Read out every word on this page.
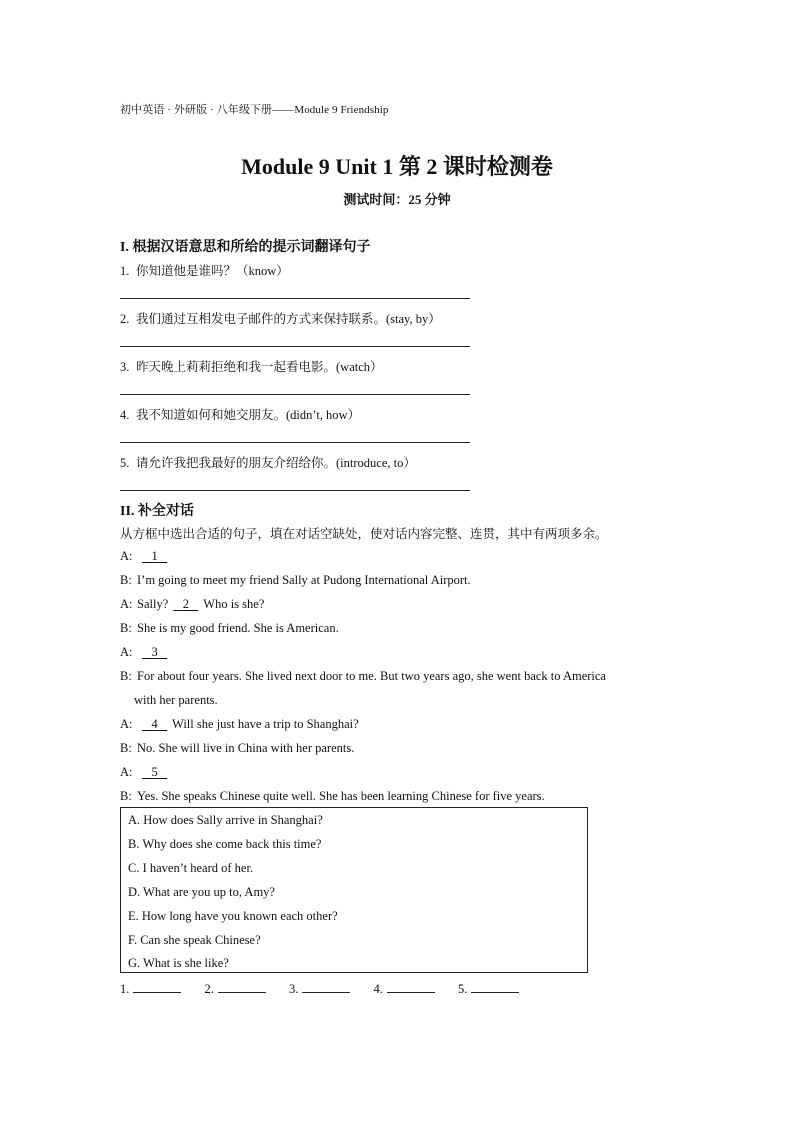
初中英语 · 外研版 · 八年级下册——Module 9 Friendship
Module 9 Unit 1 第 2 课时检测卷
测试时间：25 分钟
I. 根据汉语意思和所给的提示词翻译句子
1. 你知道他是谁吗？（know）
2. 我们通过互相发电子邮件的方式来保持联系。(stay, by）
3. 昨天晚上莉莉拒绝和我一起看电影。(watch）
4. 我不知道如何和她交朋友。(didn’t, how）
5. 请允许我把我最好的朋友介绍给你。(introduce, to）
II. 补全对话
从方框中选出合适的句子，填在对话空缺处，使对话内容完整、连贯，其中有两项多余。
A: 1
B: I’m going to meet my friend Sally at Pudong International Airport.
A: Sally? 2 Who is she?
B: She is my good friend. She is American.
A: 3
B: For about four years. She lived next door to me. But two years ago, she went back to America
with her parents.
A: 4 Will she just have a trip to Shanghai?
B: No. She will live in China with her parents.
A: 5
B: Yes. She speaks Chinese quite well. She has been learning Chinese for five years.
A. How does Sally arrive in Shanghai?
B. Why does she come back this time?
C. I haven’t heard of her.
D. What are you up to, Amy?
E. How long have you known each other?
F. Can she speak Chinese?
G. What is she like?
1.	2.	3.	4.	5.
